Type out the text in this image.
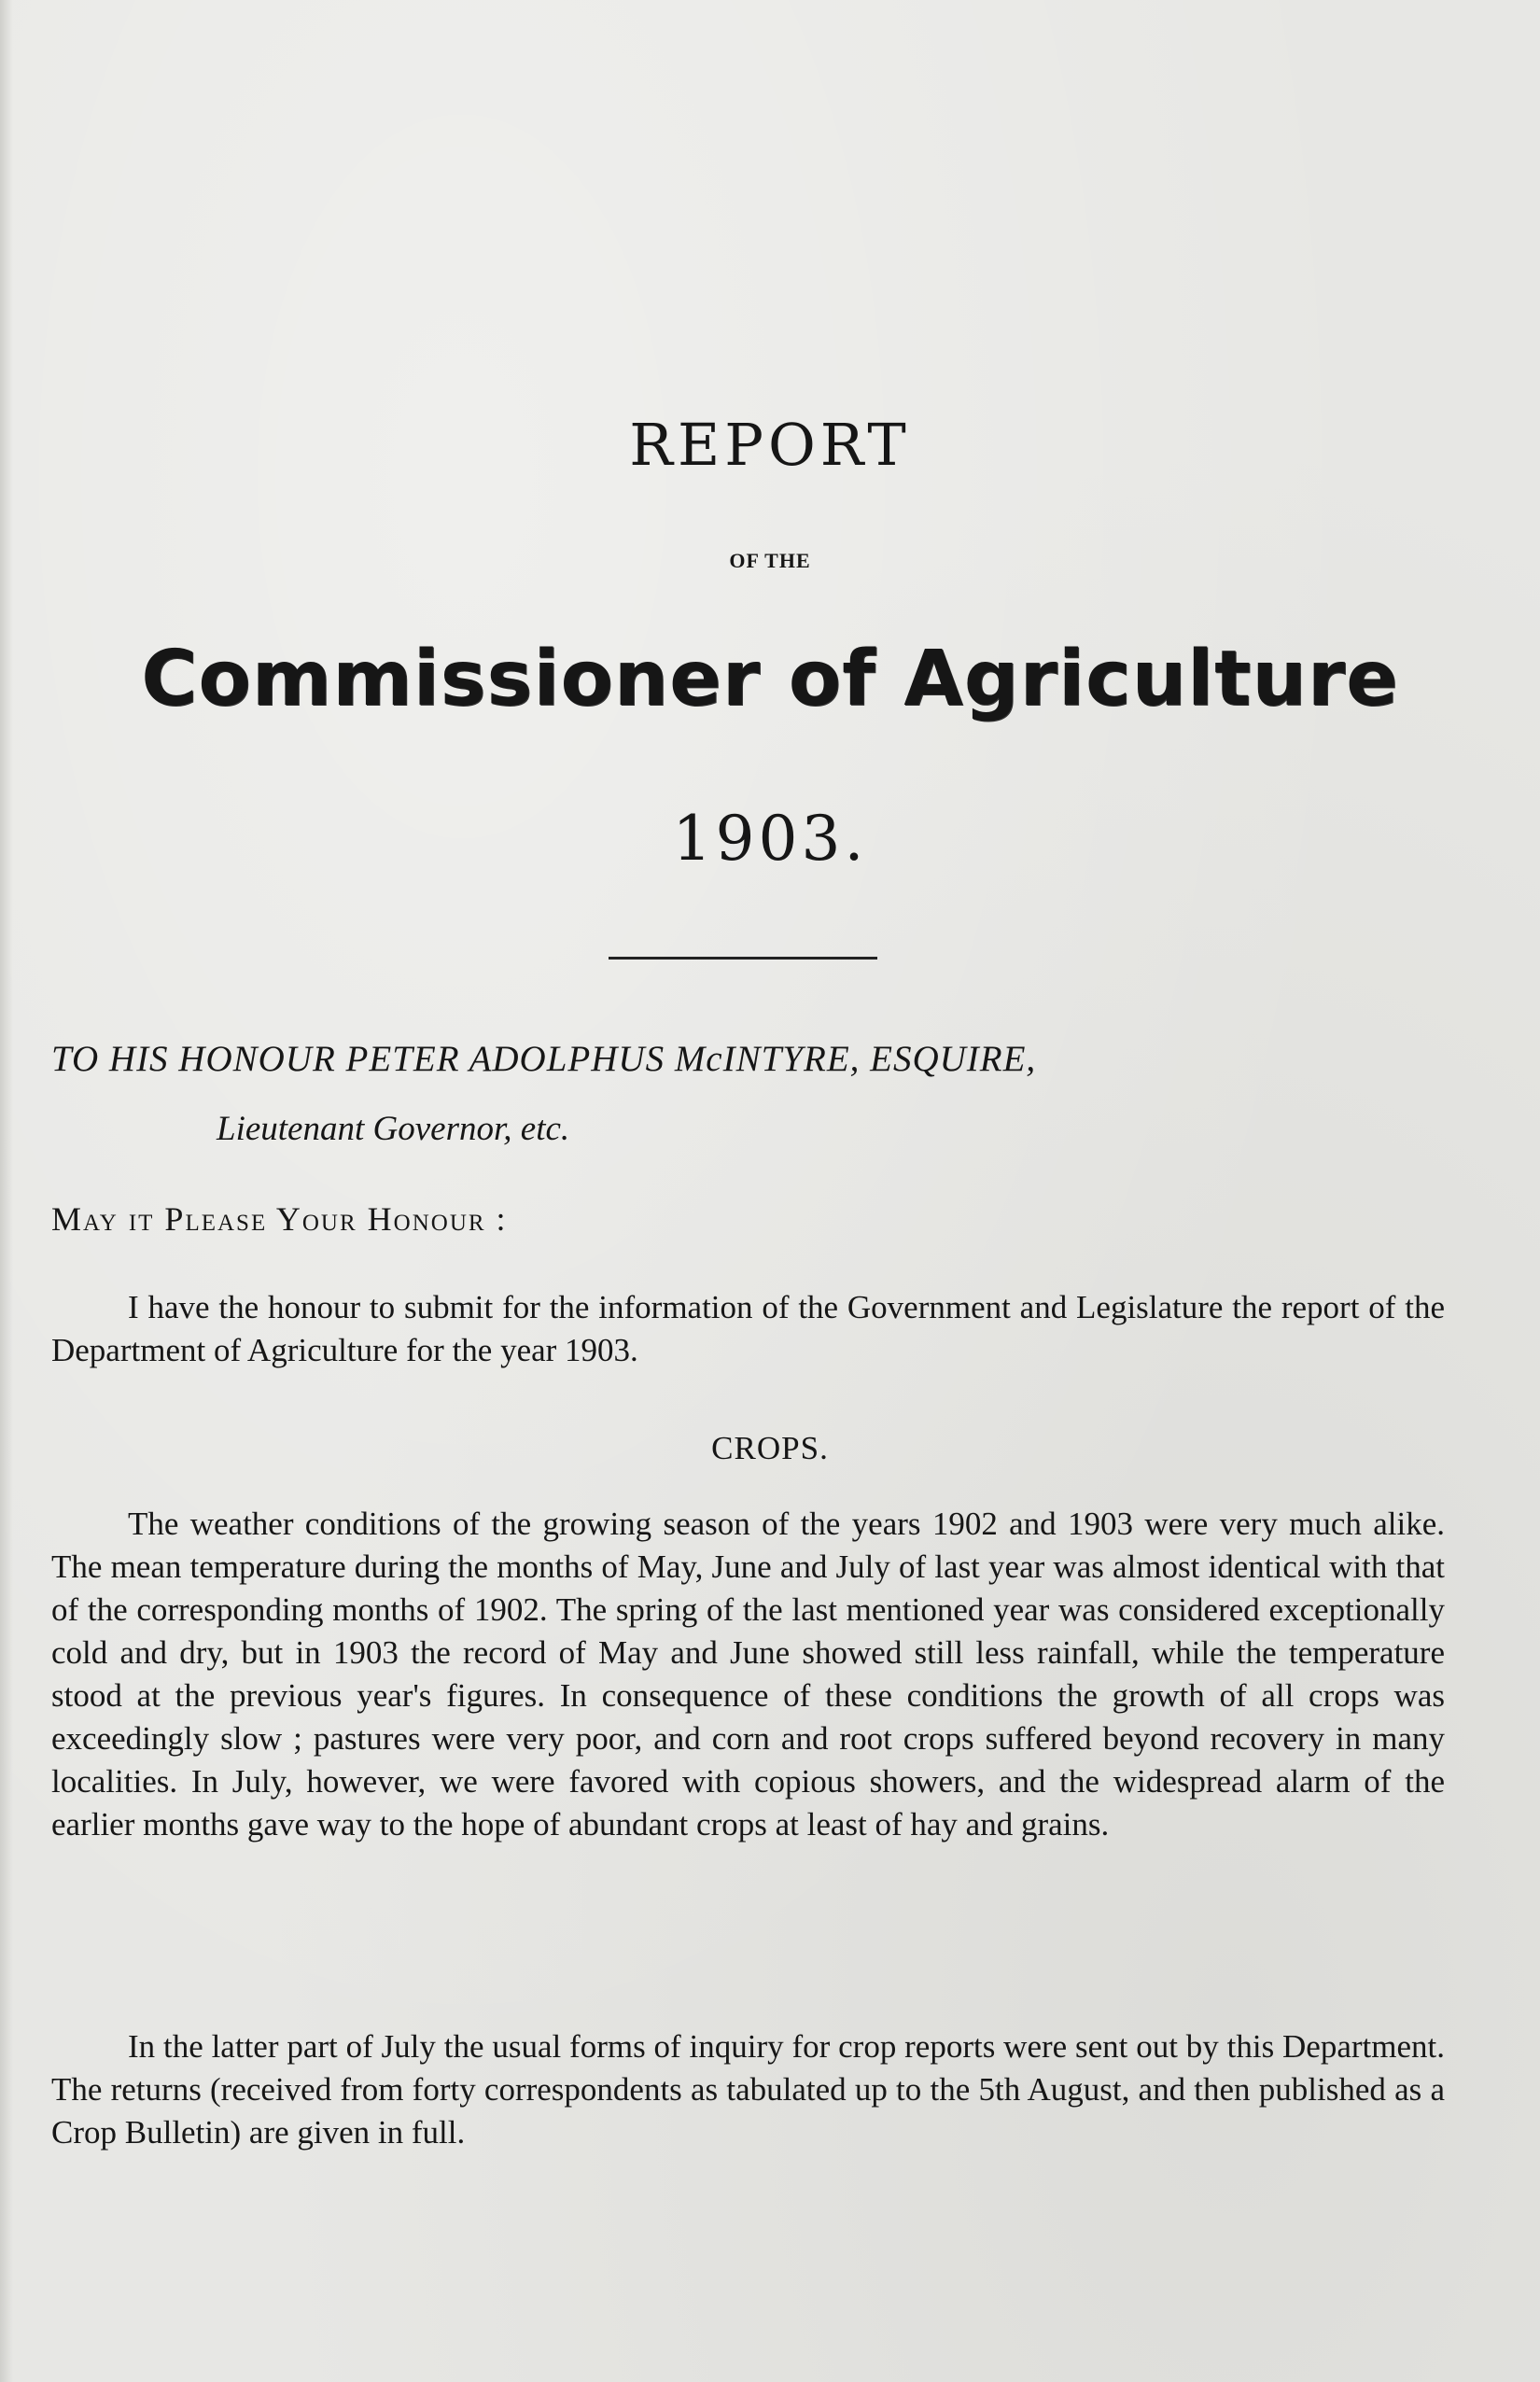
REPORT
OF THE
Commissioner of Agriculture
1903.
TO HIS HONOUR PETER ADOLPHUS McINTYRE, ESQUIRE,
Lieutenant Governor, etc.
May it Please Your Honour :

I have the honour to submit for the information of the Government and Legislature the report of the Department of Agriculture for the year 1903.

CROPS.

The weather conditions of the growing season of the years 1902 and 1903 were very much alike. The mean temperature during the months of May, June and July of last year was almost identical with that of the corresponding months of 1902. The spring of the last mentioned year was considered exceptionally cold and dry, but in 1903 the record of May and June showed still less rainfall, while the temperature stood at the previous year's figures. In consequence of these conditions the growth of all crops was exceedingly slow ; pastures were very poor, and corn and root crops suffered beyond recovery in many localities. In July, however, we were favored with copious showers, and the widespread alarm of the earlier months gave way to the hope of abundant crops at least of hay and grains.

In the latter part of July the usual forms of inquiry for crop reports were sent out by this Department. The returns (received from forty correspondents as tabulated up to the 5th August, and then published as a Crop Bulletin) are given in full.
